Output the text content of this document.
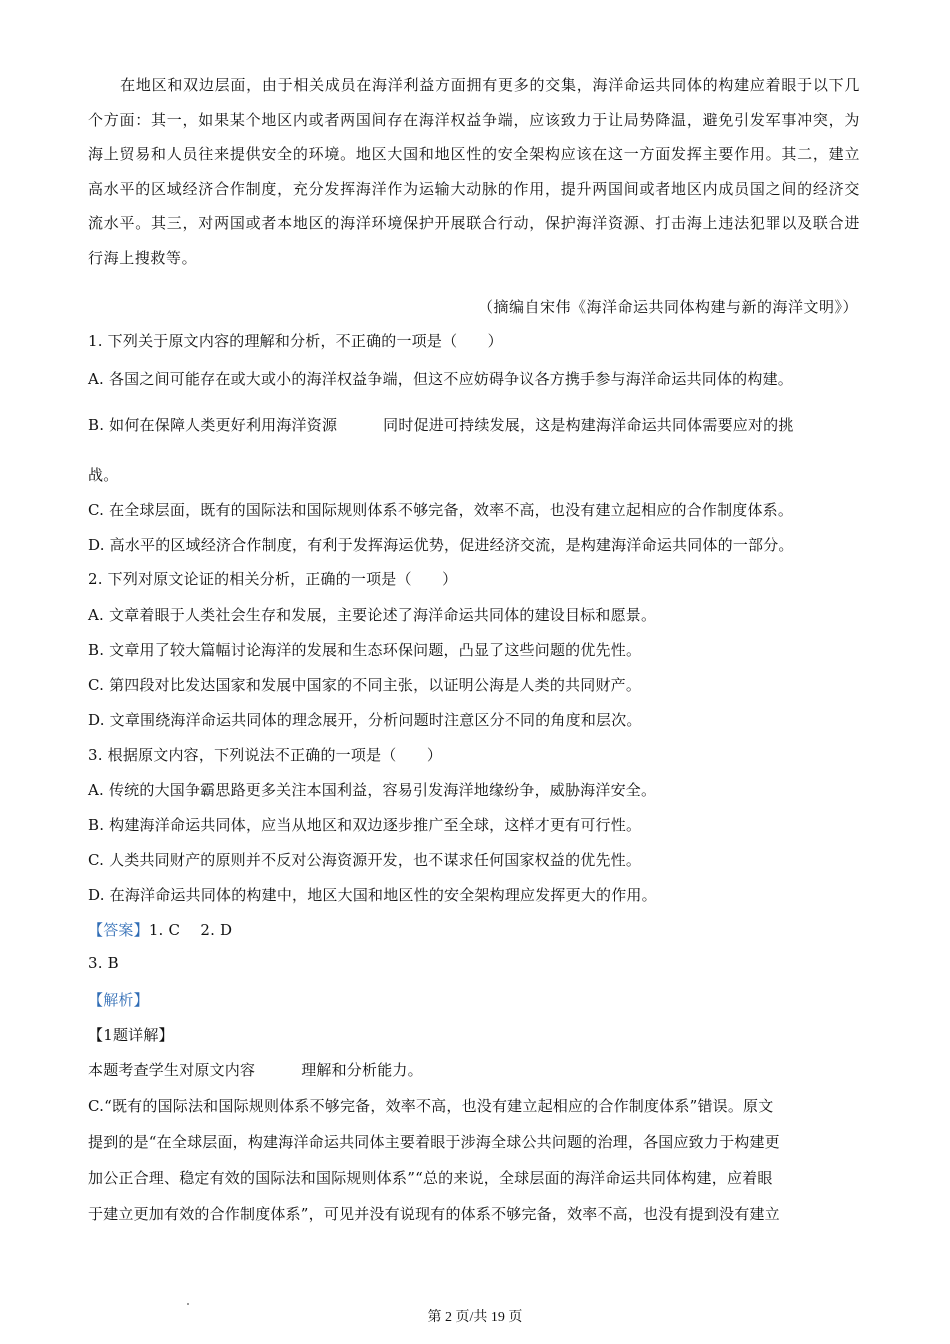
在地区和双边层面，由于相关成员在海洋利益方面拥有更多的交集，海洋命运共同体的构建应着眼于以下几个方面：其一，如果某个地区内或者两国间存在海洋权益争端，应该致力于让局势降温，避免引发军事冲突，为海上贸易和人员往来提供安全的环境。地区大国和地区性的安全架构应该在这一方面发挥主要作用。其二，建立高水平的区域经济合作制度，充分发挥海洋作为运输大动脉的作用，提升两国间或者地区内成员国之间的经济交流水平。其三，对两国或者本地区的海洋环境保护开展联合行动，保护海洋资源、打击海上违法犯罪以及联合进行海上搜救等。
（摘编自宋伟《海洋命运共同体构建与新的海洋文明》）
1. 下列关于原文内容的理解和分析，不正确的一项是（　　）
A. 各国之间可能存在或大或小的海洋权益争端，但这不应妨碍争议各方携手参与海洋命运共同体的构建。
B. 如何在保障人类更好利用海洋资源	同时促进可持续发展，这是构建海洋命运共同体需要应对的挑
战。
C. 在全球层面，既有的国际法和国际规则体系不够完备，效率不高，也没有建立起相应的合作制度体系。
D. 高水平的区域经济合作制度，有利于发挥海运优势，促进经济交流，是构建海洋命运共同体的一部分。
2. 下列对原文论证的相关分析，正确的一项是（　　）
A. 文章着眼于人类社会生存和发展，主要论述了海洋命运共同体的建设目标和愿景。
B. 文章用了较大篇幅讨论海洋的发展和生态环保问题，凸显了这些问题的优先性。
C. 第四段对比发达国家和发展中国家的不同主张，以证明公海是人类的共同财产。
D. 文章围绕海洋命运共同体的理念展开，分析问题时注意区分不同的角度和层次。
3. 根据原文内容，下列说法不正确的一项是（　　）
A. 传统的大国争霸思路更多关注本国利益，容易引发海洋地缘纷争，威胁海洋安全。
B. 构建海洋命运共同体，应当从地区和双边逐步推广至全球，这样才更有可行性。
C. 人类共同财产的原则并不反对公海资源开发，也不谋求任何国家权益的优先性。
D. 在海洋命运共同体的构建中，地区大国和地区性的安全架构理应发挥更大的作用。
【答案】1. C　 2. D
3. B
【解析】
【1题详解】
本题考查学生对原文内容	理解和分析能力。
C.“既有的国际法和国际规则体系不够完备，效率不高，也没有建立起相应的合作制度体系”错误。原文
提到的是“在全球层面，构建海洋命运共同体主要着眼于涉海全球公共问题的治理，各国应致力于构建更
加公正合理、稳定有效的国际法和国际规则体系”“总的来说，全球层面的海洋命运共同体构建，应着眼
于建立更加有效的合作制度体系”，可见并没有说现有的体系不够完备，效率不高，也没有提到没有建立
第 2 页/共 19 页
